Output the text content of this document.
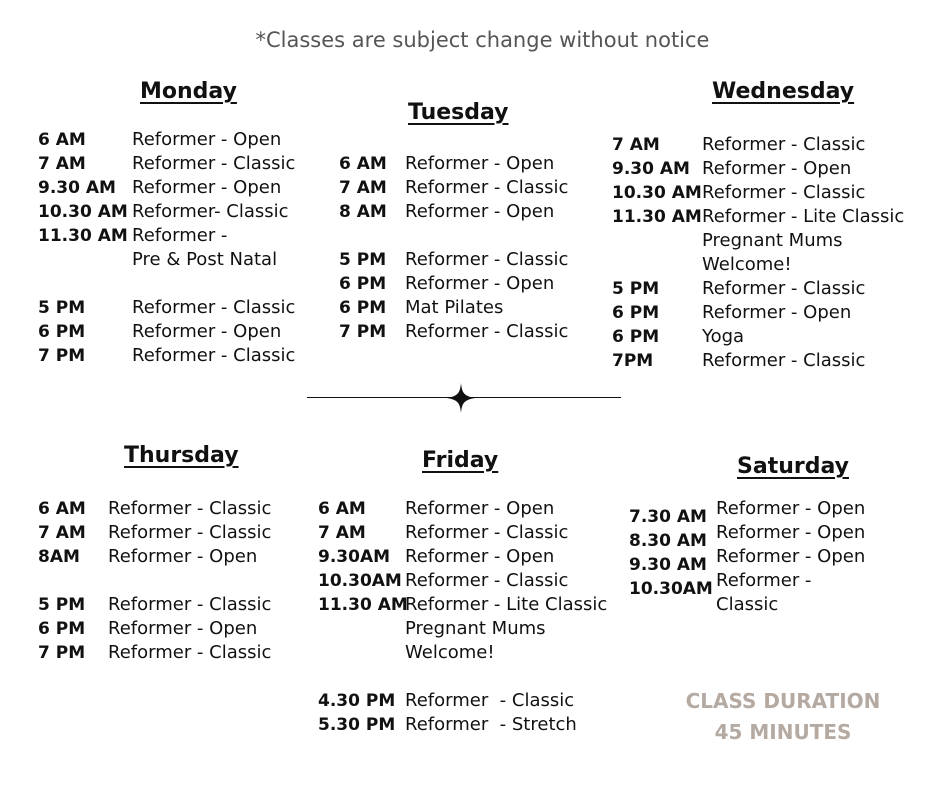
*Classes are subject change without notice
Monday
Tuesday
Wednesday
Thursday	Friday	Saturday
6 AM	Reformer - Open
7 AM	Reformer - Classic
9.30 AM Reformer - Open
10.30 AM Reformer- Classic
11.30 AM Reformer -
Pre & Post Natal
5 PM	Reformer - Classic
6 PM	Reformer - Open
7 PM	Reformer - Classic
6 AM Reformer - Open
7 AM Reformer - Classic
8 AM Reformer - Open
5 PM Reformer - Classic
6 PM Reformer - Open
6 PM Mat Pilates
7 PM Reformer - Classic
7 AM Reformer - Classic
9.30 AM Reformer - Open
10.30 AM Reformer - Classic
11.30 AM Reformer - Lite Classic
Pregnant Mums
Welcome!
5 PM Reformer - Classic
6 PM Reformer - Open
6 PM Yoga
7PM	Reformer - Classic
6 AM Reformer - Classic
7 AM Reformer - Classic
8AM Reformer - Open
5 PM Reformer - Classic
6 PM Reformer - Open
7 PM Reformer - Classic
6 AM Reformer - Open
7 AM Reformer - Classic
9.30AM Reformer - Open
10.30AM Reformer - Classic
11.30 AM
Reformer - Lite Classic
Pregnant Mums
Welcome!
4.30 PM Reformer  - Classic
5.30 PM Reformer  - Stretch
7.30 AM Reformer - Open
8.30 AM Reformer - Open
9.30 AM Reformer - Open
10.30AM Reformer -
Classic
CLASS DURATION
45 MINUTES
